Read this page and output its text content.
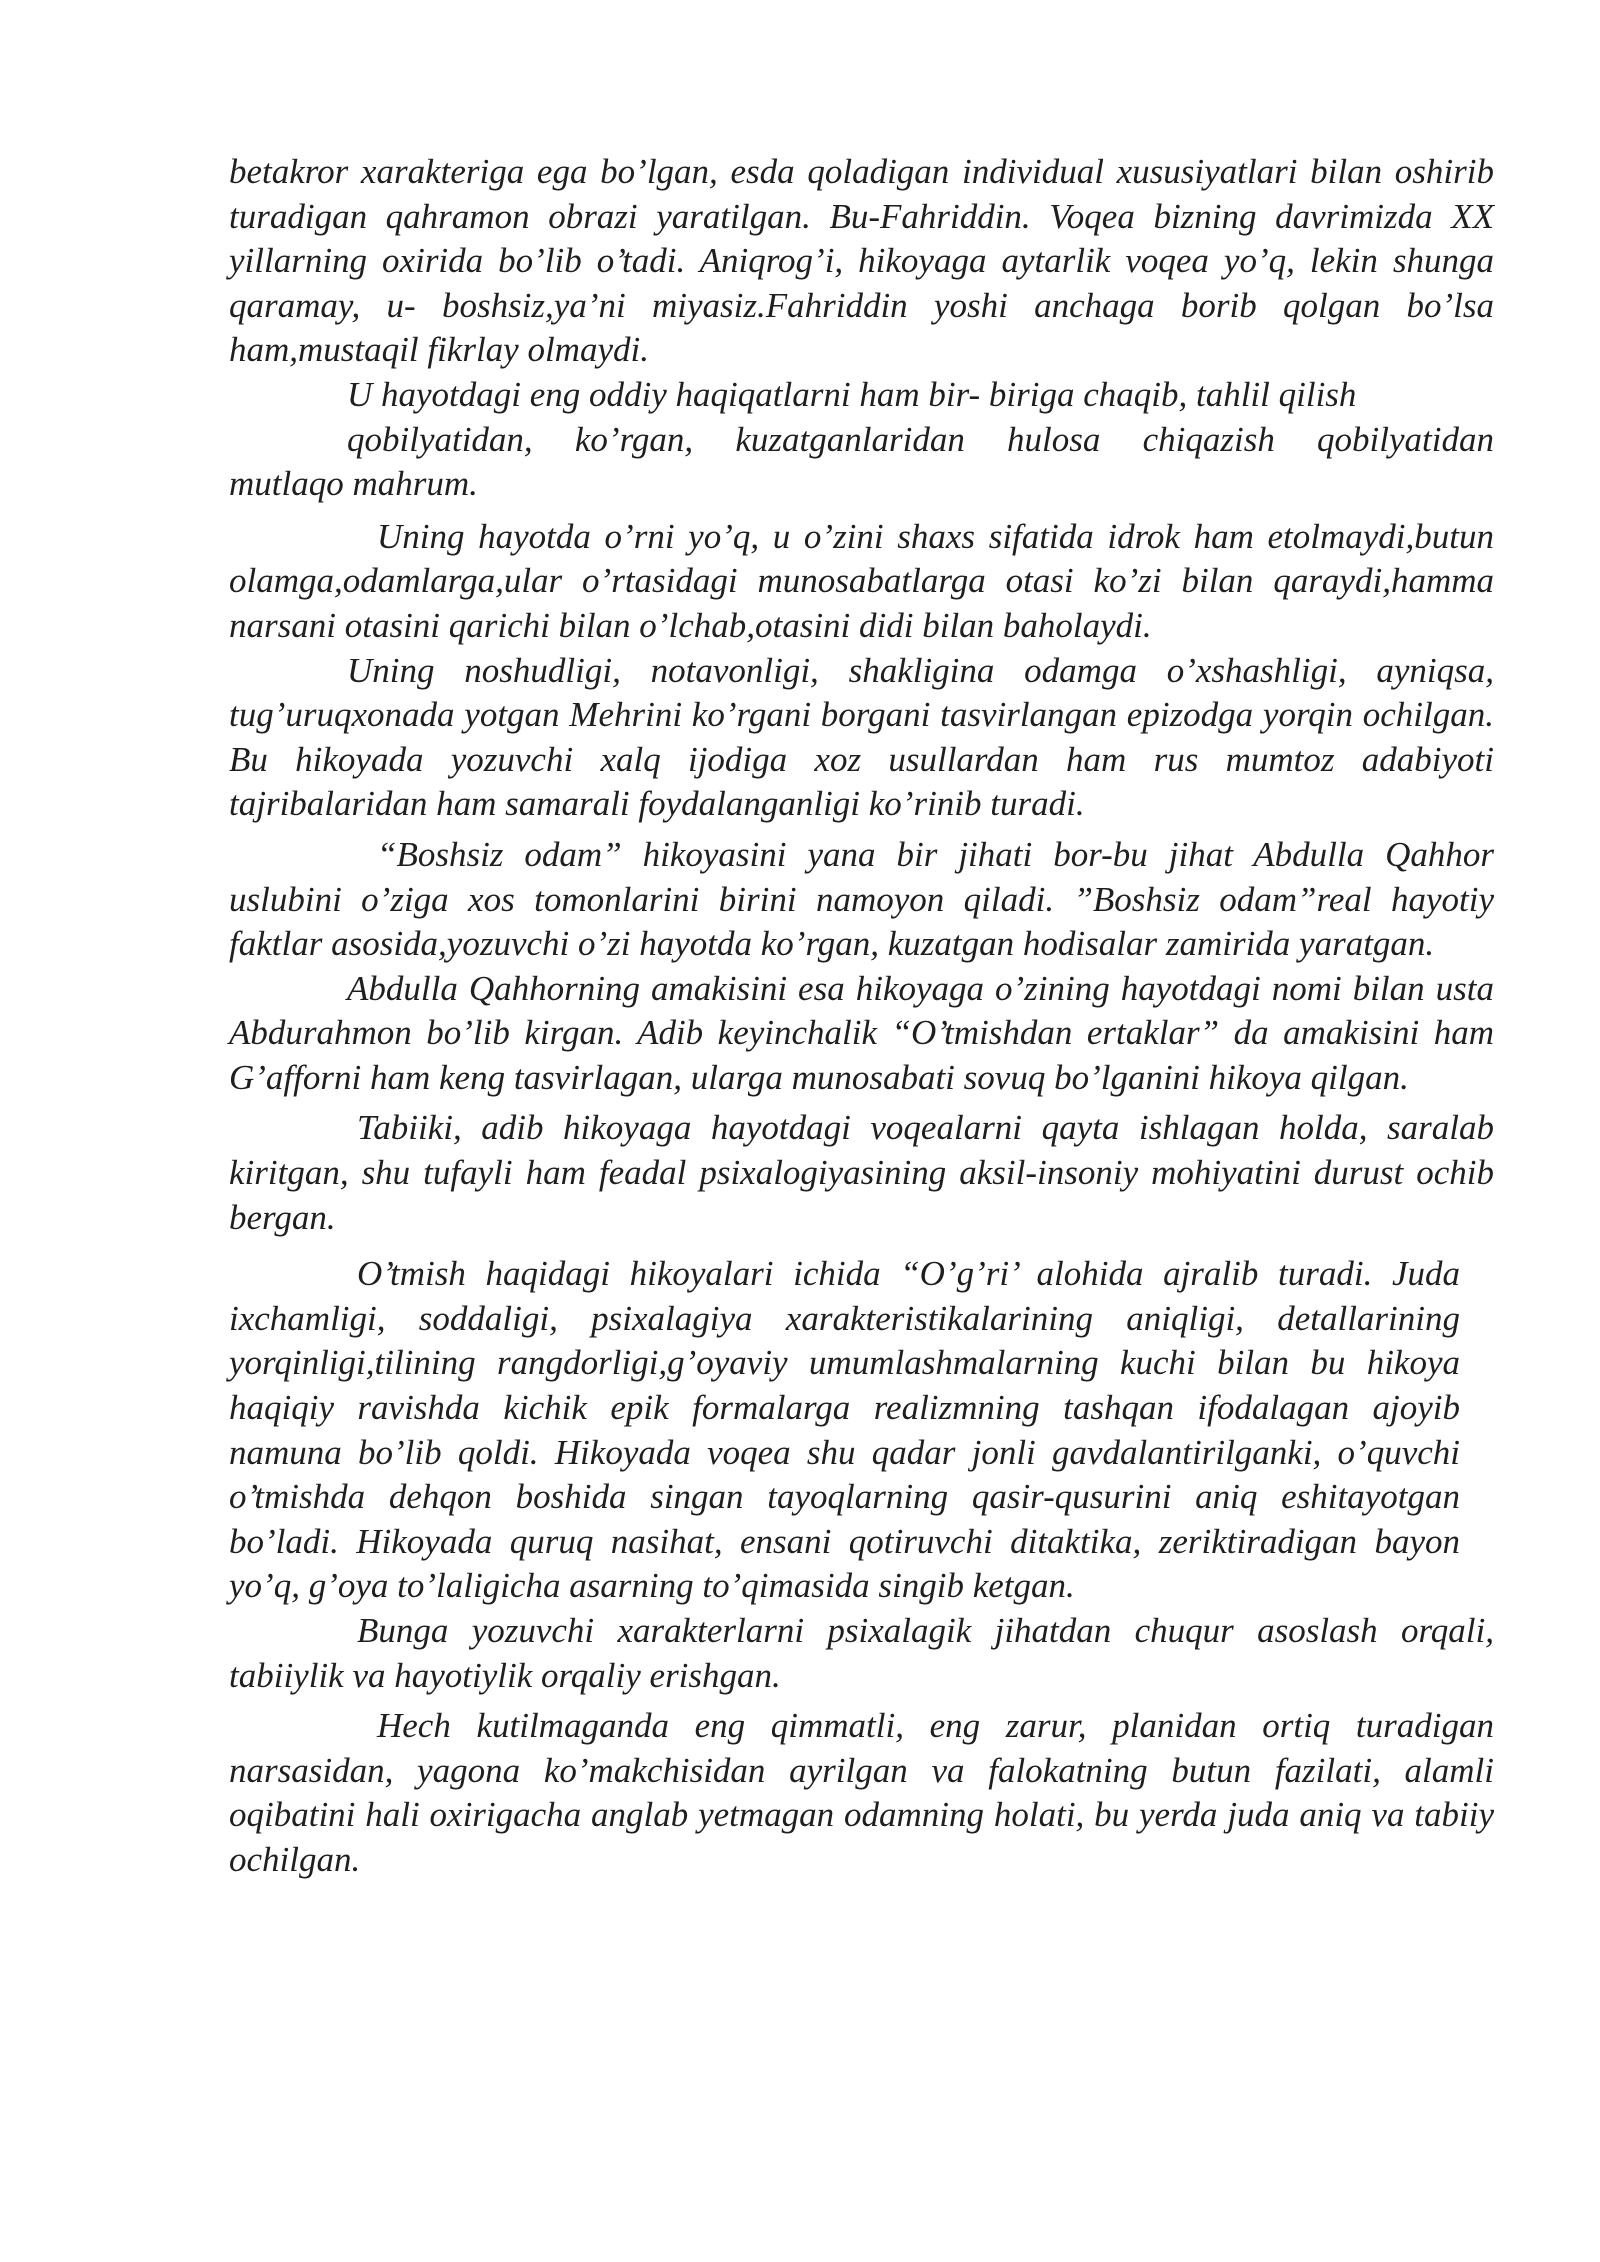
betakror xarakteriga ega bo’lgan, esda qoladigan individual xususiyatlari bilan oshirib turadigan qahramon obrazi yaratilgan. Bu-Fahriddin. Voqea bizning davrimizda XX yillarning oxirida bo’lib o’tadi. Aniqrog’i, hikoyaga aytarlik voqea yo’q, lekin shunga qaramay, u- boshsiz,ya’ni miyasiz.Fahriddin yoshi anchaga borib qolgan bo’lsa ham,mustaqil fikrlay olmaydi.

U hayotdagi eng oddiy haqiqatlarni ham bir- biriga chaqib, tahlil qilish
qobilyatidan, ko’rgan, kuzatganlaridan hulosa chiqazish qobilyatidan
mutlaqo mahrum.

Uning hayotda o’rni yo’q, u o’zini shaxs sifatida idrok ham etolmaydi,butun olamga,odamlarga,ular o’rtasidagi munosabatlarga otasi ko’zi bilan qaraydi,hamma narsani otasini qarichi bilan o’lchab,otasini didi bilan baholaydi.

Uning noshudligi, notavonligi, shakligina odamga o’xshashligi, ayniqsa, tug’uruqxonada yotgan Mehrini ko’rgani borgani tasvirlangan epizodga yorqin ochilgan. Bu hikoyada yozuvchi xalq ijodiga xoz usullardan ham rus mumtoz adabiyoti tajribalaridan ham samarali foydalanganligi ko’rinib turadi.

“Boshsiz odam” hikoyasini yana bir jihati bor-bu jihat Abdulla Qahhor uslubini o’ziga xos tomonlarini birini namoyon qiladi. ”Boshsiz odam”real hayotiy faktlar asosida,yozuvchi o’zi hayotda ko’rgan, kuzatgan hodisalar zamirida yaratgan.

Abdulla Qahhorning amakisini esa hikoyaga o’zining hayotdagi nomi bilan usta Abdurahmon bo’lib kirgan. Adib keyinchalik “O’tmishdan ertaklar” da amakisini ham G’afforni ham keng tasvirlagan, ularga munosabati sovuq bo’lganini hikoya qilgan.

Tabiiki, adib hikoyaga hayotdagi voqealarni qayta ishlagan holda, saralab kiritgan, shu tufayli ham feadal psixalogiyasining aksil-insoniy mohiyatini durust ochib bergan.

O’tmish haqidagi hikoyalari ichida “O’g’ri’ alohida ajralib turadi. Juda ixchamligi, soddaligi, psixalagiya xarakteristikalarining aniqligi, detallarining yorqinligi,tilining rangdorligi,g’oyaviy umumlashmalarning kuchi bilan bu hikoya haqiqiy ravishda kichik epik formalarga realizmning tashqan ifodalagan ajoyib namuna bo’lib qoldi. Hikoyada voqea shu qadar jonli gavdalantirilganki, o’quvchi o’tmishda dehqon boshida singan tayoqlarning qasir-qusurini aniq eshitayotgan bo’ladi. Hikoyada quruq nasihat, ensani qotiruvchi ditaktika, zeriktiradigan bayon yo’q, g’oya to’laligicha asarning to’qimasida singib ketgan.

Bunga yozuvchi xarakterlarni psixalagik jihatdan chuqur asoslash orqali, tabiiylik va hayotiylik orqaliy erishgan.

Hech kutilmaganda eng qimmatli, eng zarur, planidan ortiq turadigan narsasidan, yagona ko’makchisidan ayrilgan va falokatning butun fazilati, alamli oqibatini hali oxirigacha anglab yetmagan odamning holati, bu yerda juda aniq va tabiiy ochilgan.
